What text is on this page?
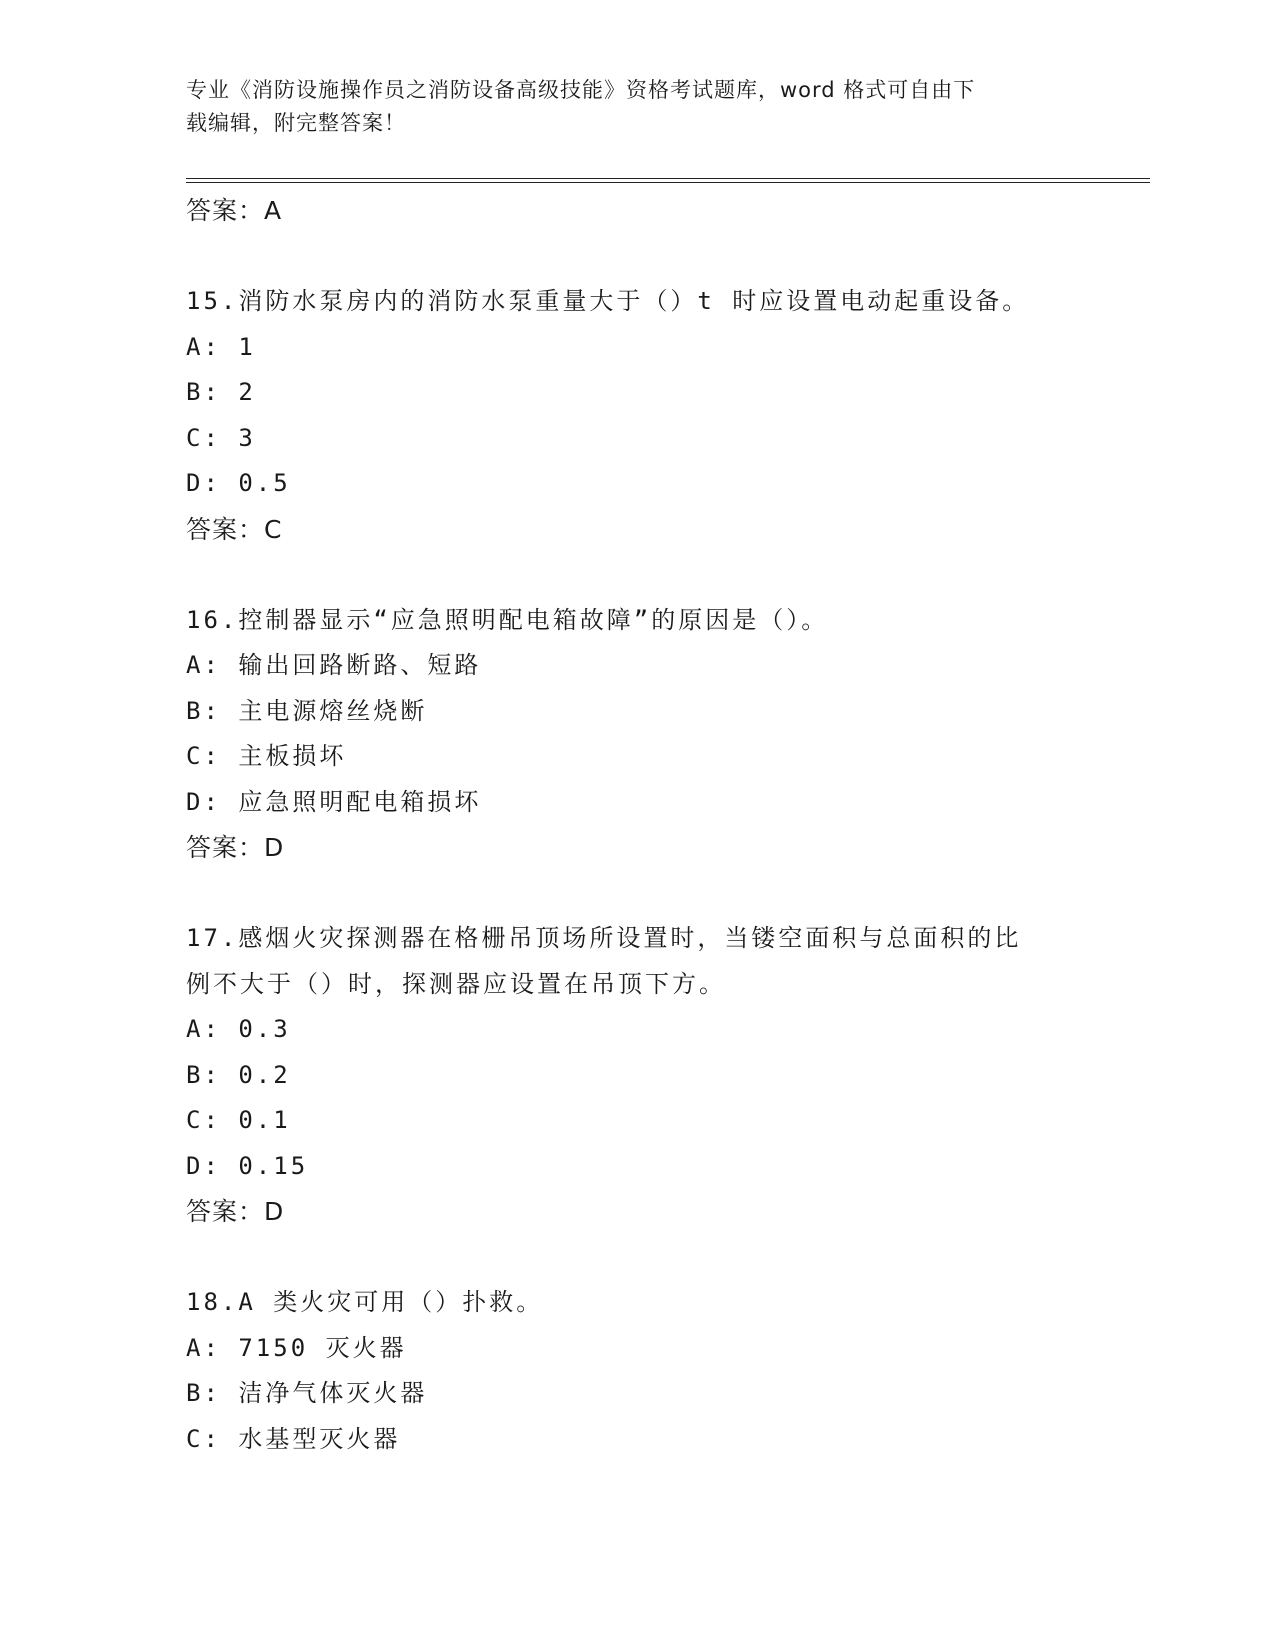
专业《消防设施操作员之消防设备高级技能》资格考试题库，word 格式可自由下
载编辑，附完整答案！
答案：A
15.消防水泵房内的消防水泵重量大于（）t 时应设置电动起重设备。
A: 1
B: 2
C: 3
D: 0.5
答案：C
16.控制器显示“应急照明配电箱故障”的原因是（）。
A: 输出回路断路、短路
B: 主电源熔丝烧断
C: 主板损坏
D: 应急照明配电箱损坏
答案：D
17.感烟火灾探测器在格栅吊顶场所设置时，当镂空面积与总面积的比
例不大于（）时，探测器应设置在吊顶下方。
A: 0.3
B: 0.2
C: 0.1
D: 0.15
答案：D
18.A 类火灾可用（）扑救。
A: 7150 灭火器
B: 洁净气体灭火器
C: 水基型灭火器
